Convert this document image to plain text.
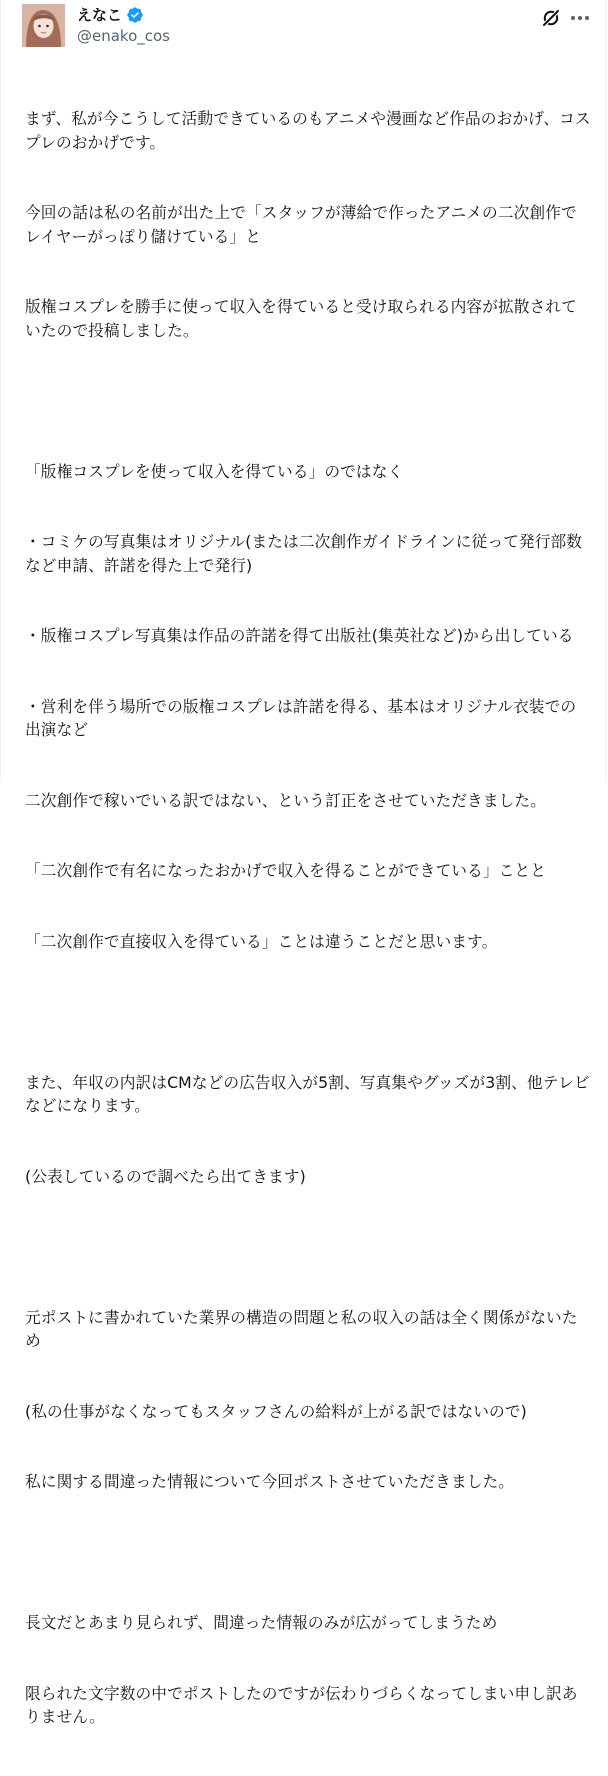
えなこ
@enako_cos

まず、私が今こうして活動できているのもアニメや漫画など作品のおかげ、コスプレのおかげです。

今回の話は私の名前が出た上で「スタッフが薄給で作ったアニメの二次創作でレイヤーがっぽり儲けている」と

版権コスプレを勝手に使って収入を得ていると受け取られる内容が拡散されていたので投稿しました。

「版権コスプレを使って収入を得ている」のではなく

・コミケの写真集はオリジナル(または二次創作ガイドラインに従って発行部数など申請、許諾を得た上で発行)

・版権コスプレ写真集は作品の許諾を得て出版社(集英社など)から出している

・営利を伴う場所での版権コスプレは許諾を得る、基本はオリジナル衣装での出演など

二次創作で稼いでいる訳ではない、という訂正をさせていただきました。

「二次創作で有名になったおかげで収入を得ることができている」ことと

「二次創作で直接収入を得ている」ことは違うことだと思います。

また、年収の内訳はCMなどの広告収入が5割、写真集やグッズが3割、他テレビなどになります。

(公表しているので調べたら出てきます)

元ポストに書かれていた業界の構造の問題と私の収入の話は全く関係がないため

(私の仕事がなくなってもスタッフさんの給料が上がる訳ではないので)

私に関する間違った情報について今回ポストさせていただきました。

長文だとあまり見られず、間違った情報のみが広がってしまうため

限られた文字数の中でポストしたのですが伝わりづらくなってしまい申し訳ありません。
